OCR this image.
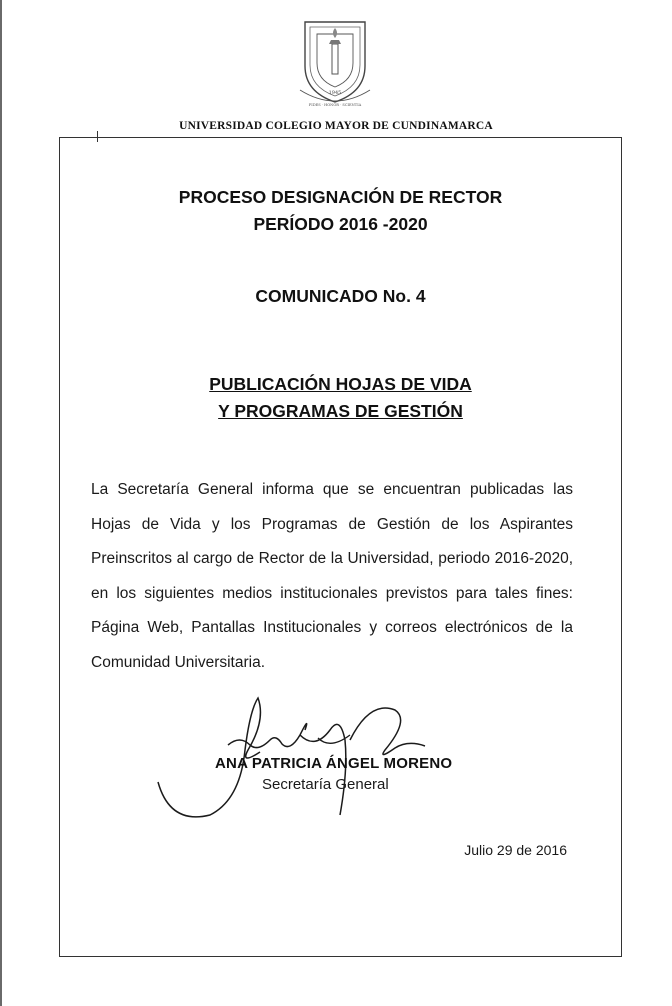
1945
FIDES · HONOR · SCIENTIA
UNIVERSIDAD COLEGIO MAYOR DE CUNDINAMARCA
PROCESO DESIGNACIÓN DE RECTOR
PERÍODO 2016 -2020
COMUNICADO No. 4
PUBLICACIÓN HOJAS DE VIDA
Y PROGRAMAS DE GESTIÓN
La Secretaría General informa que se encuentran publicadas las Hojas de Vida y los Programas de Gestión de los Aspirantes Preinscritos al cargo de Rector de la Universidad, periodo 2016-2020, en los siguientes medios institucionales previstos para tales fines: Página Web, Pantallas Institucionales y correos electrónicos de la Comunidad Universitaria.
ANA PATRICIA ÁNGEL MORENO
Secretaría General
Julio 29 de 2016
